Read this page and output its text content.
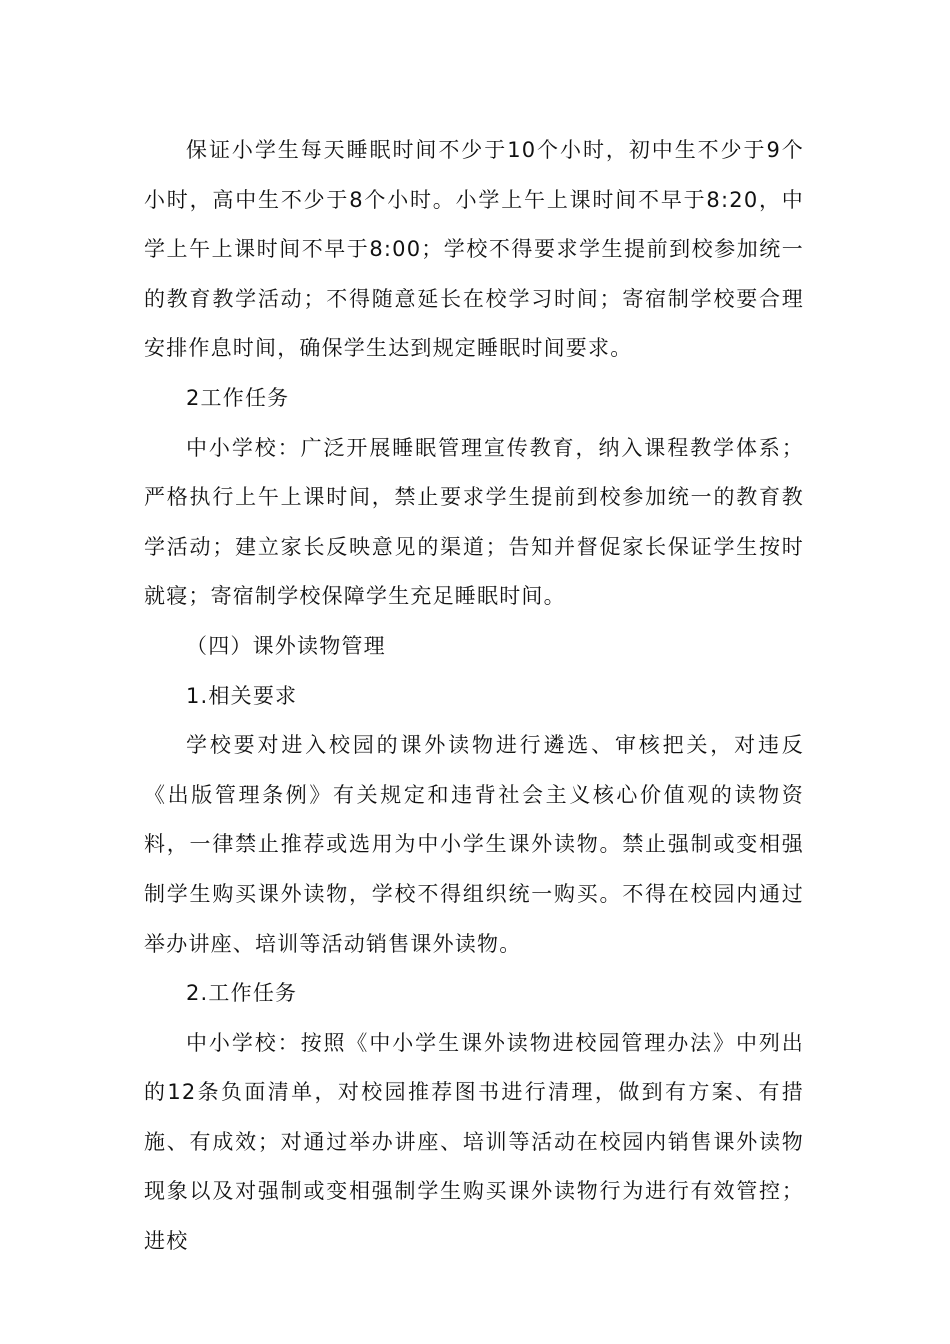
保证小学生每天睡眠时间不少于10个小时，初中生不少于9个小时，高中生不少于8个小时。小学上午上课时间不早于8:20，中学上午上课时间不早于8:00；学校不得要求学生提前到校参加统一的教育教学活动；不得随意延长在校学习时间；寄宿制学校要合理安排作息时间，确保学生达到规定睡眠时间要求。

2工作任务

中小学校：广泛开展睡眠管理宣传教育，纳入课程教学体系；严格执行上午上课时间，禁止要求学生提前到校参加统一的教育教学活动；建立家长反映意见的渠道；告知并督促家长保证学生按时就寝；寄宿制学校保障学生充足睡眠时间。

（四）课外读物管理

1.相关要求

学校要对进入校园的课外读物进行遴选、审核把关，对违反《出版管理条例》有关规定和违背社会主义核心价值观的读物资料，一律禁止推荐或选用为中小学生课外读物。禁止强制或变相强制学生购买课外读物，学校不得组织统一购买。不得在校园内通过举办讲座、培训等活动销售课外读物。

2.工作任务

中小学校：按照《中小学生课外读物进校园管理办法》中列出的12条负面清单，对校园推荐图书进行清理，做到有方案、有措施、有成效；对通过举办讲座、培训等活动在校园内销售课外读物现象以及对强制或变相强制学生购买课外读物行为进行有效管控；进校
